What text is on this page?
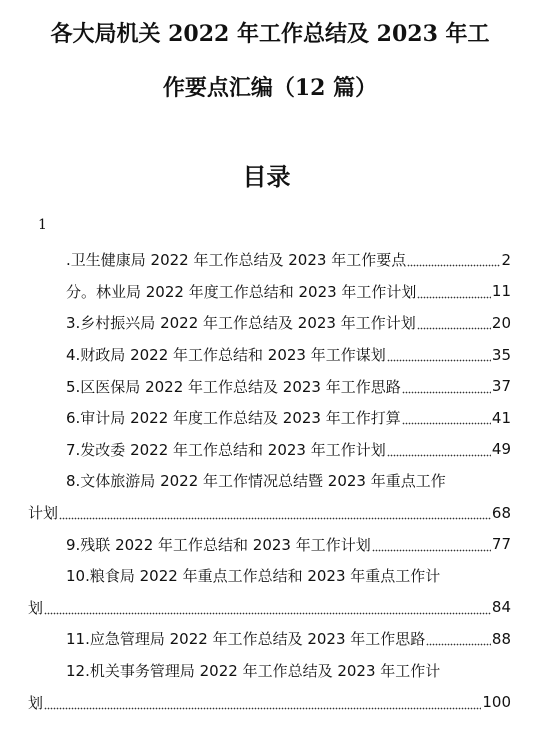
各大局机关 2022 年工作总结及 2023 年工
作要点汇编（12 篇）
目录
1
.卫生健康局 2022 年工作总结及 2023 年工作要点	2
分。林业局 2022 年度工作总结和 2023 年工作计划	11
3.乡村振兴局 2022 年工作总结及 2023 年工作计划	20
4.财政局 2022 年工作总结和 2023 年工作谋划	35
5.区医保局 2022 年工作总结及 2023 年工作思路	37
6.审计局 2022 年度工作总结及 2023 年工作打算	41
7.发改委 2022 年工作总结和 2023 年工作计划	49
8.文体旅游局 2022 年工作情况总结暨 2023 年重点工作
计划	68
9.残联 2022 年工作总结和 2023 年工作计划	77
10.粮食局 2022 年重点工作总结和 2023 年重点工作计
划	84
11.应急管理局 2022 年工作总结及 2023 年工作思路	88
12.机关事务管理局 2022 年工作总结及 2023 年工作计
划	100
